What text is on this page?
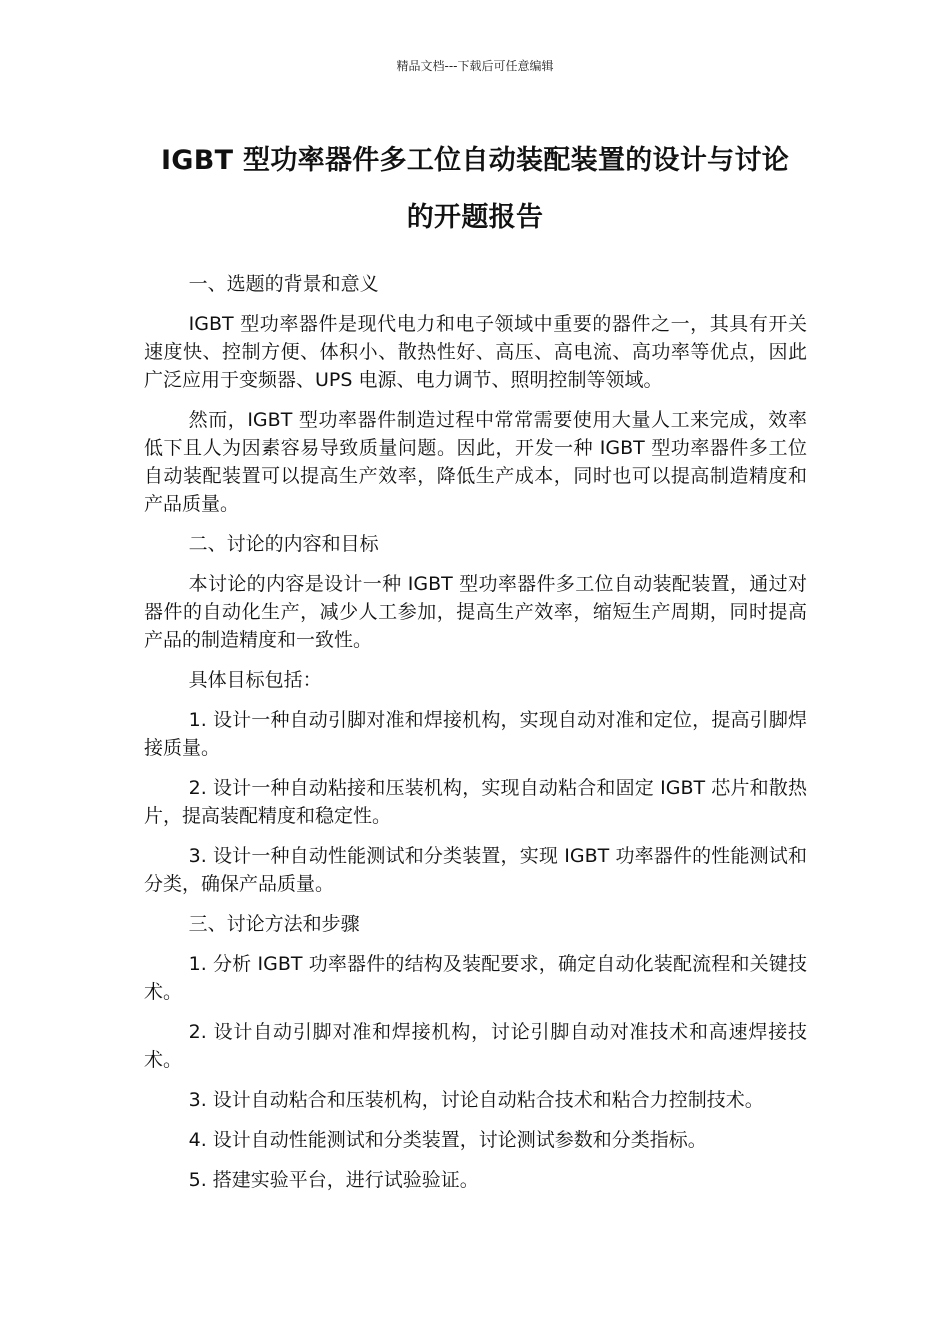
精品文档---下载后可任意编辑
IGBT 型功率器件多工位自动装配装置的设计与讨论
的开题报告

一、选题的背景和意义

IGBT 型功率器件是现代电力和电子领域中重要的器件之一，其具有开关速度快、控制方便、体积小、散热性好、高压、高电流、高功率等优点，因此广泛应用于变频器、UPS 电源、电力调节、照明控制等领域。

然而，IGBT 型功率器件制造过程中常常需要使用大量人工来完成，效率低下且人为因素容易导致质量问题。因此，开发一种 IGBT 型功率器件多工位自动装配装置可以提高生产效率，降低生产成本，同时也可以提高制造精度和产品质量。

二、讨论的内容和目标

本讨论的内容是设计一种 IGBT 型功率器件多工位自动装配装置，通过对器件的自动化生产，减少人工参加，提高生产效率，缩短生产周期，同时提高产品的制造精度和一致性。

具体目标包括：

1. 设计一种自动引脚对准和焊接机构，实现自动对准和定位，提高引脚焊接质量。

2. 设计一种自动粘接和压装机构，实现自动粘合和固定 IGBT 芯片和散热片，提高装配精度和稳定性。

3. 设计一种自动性能测试和分类装置，实现 IGBT 功率器件的性能测试和分类，确保产品质量。

三、讨论方法和步骤

1. 分析 IGBT 功率器件的结构及装配要求，确定自动化装配流程和关键技术。

2. 设计自动引脚对准和焊接机构，讨论引脚自动对准技术和高速焊接技术。

3. 设计自动粘合和压装机构，讨论自动粘合技术和粘合力控制技术。

4. 设计自动性能测试和分类装置，讨论测试参数和分类指标。

5. 搭建实验平台，进行试验验证。
